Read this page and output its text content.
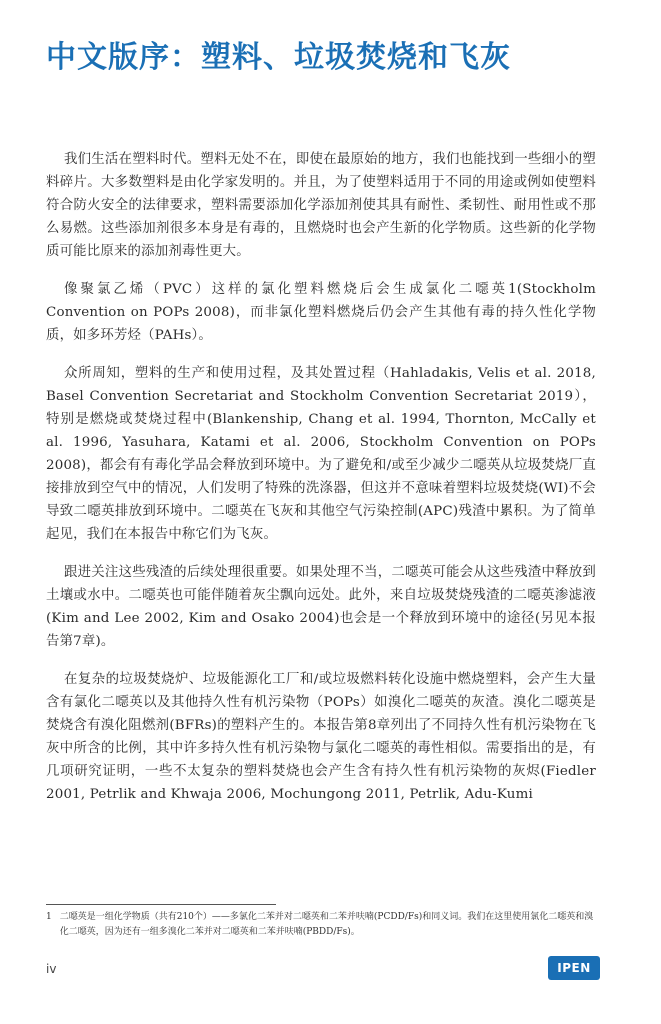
中文版序：塑料、垃圾焚烧和飞灰

我们生活在塑料时代。塑料无处不在，即使在最原始的地方，我们也能找到一些细小的塑料碎片。大多数塑料是由化学家发明的。并且，为了使塑料适用于不同的用途或例如使塑料符合防火安全的法律要求，塑料需要添加化学添加剂使其具有耐性、柔韧性、耐用性或不那么易燃。这些添加剂很多本身是有毒的，且燃烧时也会产生新的化学物质。这些新的化学物质可能比原来的添加剂毒性更大。

像聚氯乙烯（PVC）这样的氯化塑料燃烧后会生成氯化二噁英1(Stockholm Convention on POPs 2008)，而非氯化塑料燃烧后仍会产生其他有毒的持久性化学物质，如多环芳烃（PAHs）。

众所周知，塑料的生产和使用过程，及其处置过程（Hahladakis, Velis et al. 2018, Basel Convention Secretariat and Stockholm Convention Secretariat 2019），特别是燃烧或焚烧过程中(Blankenship, Chang et al. 1994, Thornton, McCally et al. 1996, Yasuhara, Katami et al. 2006, Stockholm Convention on POPs 2008)，都会有有毒化学品会释放到环境中。为了避免和/或至少减少二噁英从垃圾焚烧厂直接排放到空气中的情况，人们发明了特殊的洗涤器，但这并不意味着塑料垃圾焚烧(WI)不会导致二噁英排放到环境中。二噁英在飞灰和其他空气污染控制(APC)残渣中累积。为了简单起见，我们在本报告中称它们为飞灰。

跟进关注这些残渣的后续处理很重要。如果处理不当，二噁英可能会从这些残渣中释放到土壤或水中。二噁英也可能伴随着灰尘飘向远处。此外，来自垃圾焚烧残渣的二噁英渗滤液(Kim and Lee 2002, Kim and Osako 2004)也会是一个释放到环境中的途径(另见本报告第7章)。

在复杂的垃圾焚烧炉、垃圾能源化工厂和/或垃圾燃料转化设施中燃烧塑料，会产生大量含有氯化二噁英以及其他持久性有机污染物（POPs）如溴化二噁英的灰渣。溴化二噁英是焚烧含有溴化阻燃剂(BFRs)的塑料产生的。本报告第8章列出了不同持久性有机污染物在飞灰中所含的比例，其中许多持久性有机污染物与氯化二噁英的毒性相似。需要指出的是，有几项研究证明，一些不太复杂的塑料焚烧也会产生含有持久性有机污染物的灰烬(Fiedler 2001, Petrlik and Khwaja 2006, Mochungong 2011, Petrlik, Adu-Kumi

1 二噁英是一组化学物质（共有210个）——多氯化二苯并对二噁英和二苯并呋喃(PCDD/Fs)和同义词。我们在这里使用氯化二噁英和溴化二噁英，因为还有一组多溴化二苯并对二噁英和二苯并呋喃(PBDD/Fs)。
iv	IPEN
